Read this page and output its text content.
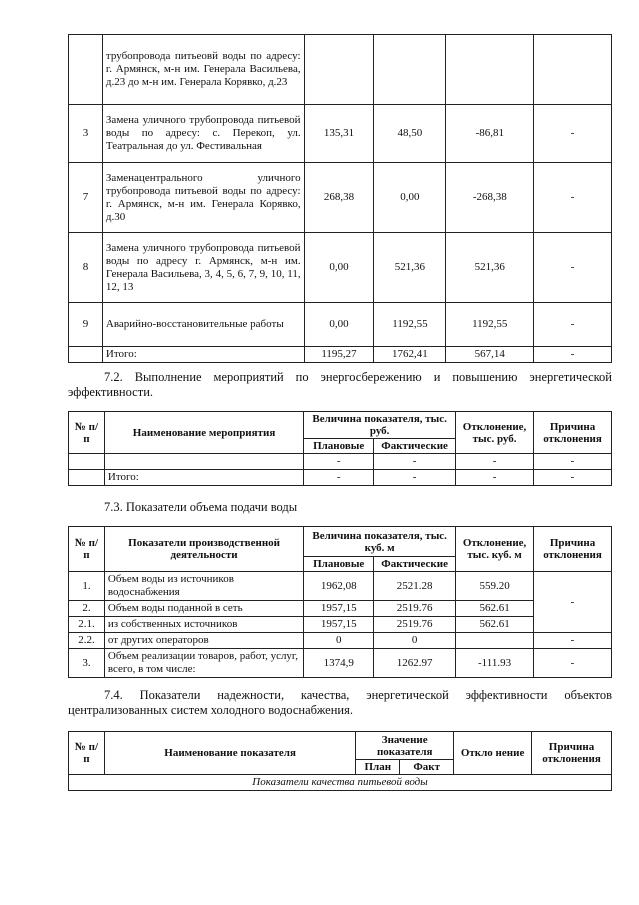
	трубопровода питьеовй воды по адресу: г. Армянск, м-н им. Генерала Васильева, д.23 до м-н им. Генерала Корявко, д.23				
3	Замена уличного трубопровода питьевой воды по адресу: с. Перекоп, ул. Театральная до ул. Фестивальная	135,31	48,50	-86,81	-
7	Заменацентрального уличного трубопровода питьевой воды по адресу: г. Армянск, м-н им. Генерала Корявко, д.30	268,38	0,00	-268,38	-
8	Замена уличного трубопровода питьевой воды по адресу г. Армянск, м-н им. Генерала Васильева, 3, 4, 5, 6, 7, 9, 10, 11, 12, 13	0,00	521,36	521,36	-
9	Аварийно-восстановительные работы	0,00	1192,55	1192,55	-
	Итого:	1195,27	1762,41	567,14	-
7.2. Выполнение мероприятий по энергосбережению и повышению энергетической эффективности.
№ п/п	Наименование мероприятия	Величина показателя, тыс. руб.		Отклонение, тыс. руб.	Причина отклонения
		Плановые	Фактические		
		-	-	-	-
	Итого:	-	-	-	-
7.3. Показатели объема подачи воды
№ п/п	Показатели производственной деятельности	Величина показателя, тыс. куб. м		Отклонение, тыс. куб. м	Причина отклонения
		Плановые	Фактические		
1.	Объем воды из источников водоснабжения	1962,08	2521.28	559.20	-
2.	Объем воды поданной в сеть	1957,15	2519.76	562.61	
2.1.	из собственных источников	1957,15	2519.76	562.61	
2.2.	от других операторов	0	0		-
3.	Объем реализации товаров, работ, услуг, всего, в том числе:	1374,9	1262.97	-111.93	-
7.4. Показатели надежности, качества, энергетической эффективности объектов централизованных систем холодного водоснабжения.
№ п/п	Наименование показателя	Значение показателя		Откло нение	Причина отклонения
		План	Факт		
Показатели качества питьевой воды					
